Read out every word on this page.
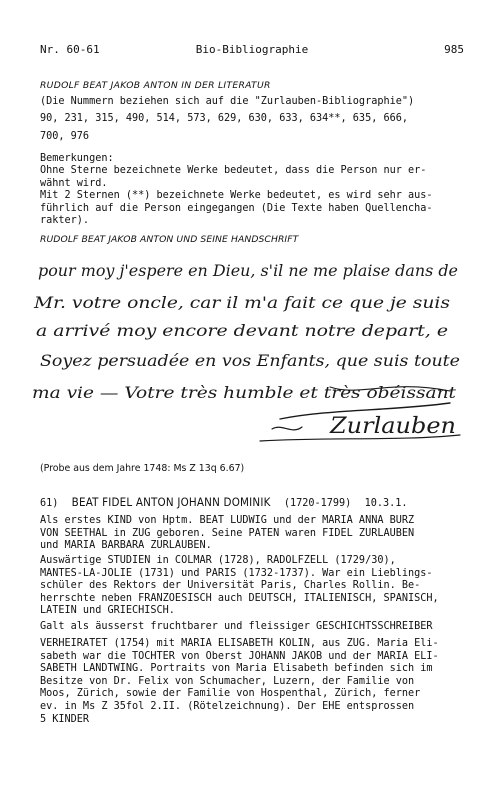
Nr. 60-61	Bio-Bibliographie	985
RUDOLF BEAT JAKOB ANTON IN DER LITERATUR
(Die Nummern beziehen sich auf die "Zurlauben-Bibliographie")
90, 231, 315, 490, 514, 573, 629, 630, 633, 634**, 635, 666,
700, 976
Bemerkungen:
Ohne Sterne bezeichnete Werke bedeutet, dass die Person nur er-
wähnt wird.
Mit 2 Sternen (**) bezeichnete Werke bedeutet, es wird sehr aus-
führlich auf die Person eingegangen (Die Texte haben Quellencha-
rakter).
RUDOLF BEAT JAKOB ANTON UND SEINE HANDSCHRIFT
pour moy j'espere en Dieu, s'il ne me plaise dans de
Mr. votre oncle, car il m'a fait ce que je suis
a arrivé moy encore devant notre depart, e
Soyez persuadée en vos Enfants, que suis toute
ma vie — Votre très humble et très obéissant
Zurlauben
(Probe aus dem Jahre 1748: Ms Z 13q 6.67)
61) BEAT FIDEL ANTON JOHANN DOMINIK (1720-1799) 10.3.1.
Als erstes KIND von Hptm. BEAT LUDWIG und der MARIA ANNA BURZ
VON SEETHAL in ZUG geboren. Seine PATEN waren FIDEL ZURLAUBEN
und MARIA BARBARA ZURLAUBEN.
Auswärtige STUDIEN in COLMAR (1728), RADOLFZELL (1729/30),
MANTES-LA-JOLIE (1731) und PARIS (1732-1737). War ein Lieblings-
schüler des Rektors der Universität Paris, Charles Rollin. Be-
herrschte neben FRANZOESISCH auch DEUTSCH, ITALIENISCH, SPANISCH,
LATEIN und GRIECHISCH.
Galt als äusserst fruchtbarer und fleissiger GESCHICHTSSCHREIBER
VERHEIRATET (1754) mit MARIA ELISABETH KOLIN, aus ZUG. Maria Eli-
sabeth war die TOCHTER von Oberst JOHANN JAKOB und der MARIA ELI-
SABETH LANDTWING. Portraits von Maria Elisabeth befinden sich im
Besitze von Dr. Felix von Schumacher, Luzern, der Familie von
Moos, Zürich, sowie der Familie von Hospenthal, Zürich, ferner
ev. in Ms Z 35fol 2.II. (Rötelzeichnung). Der EHE entsprossen
5 KINDER
